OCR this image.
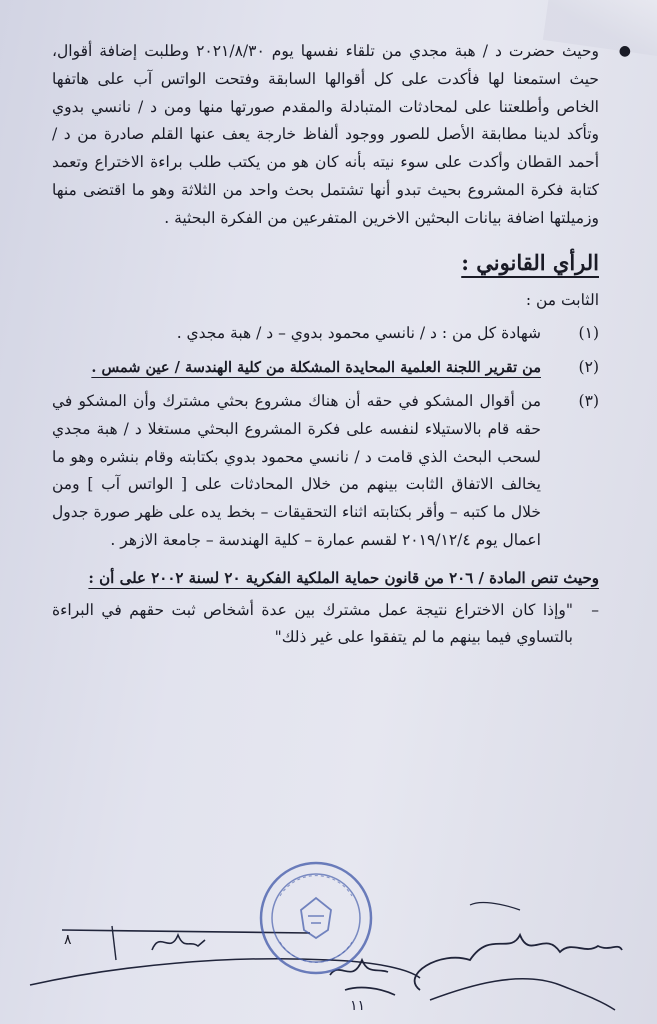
●
وحيث حضرت د / هبة مجدي من تلقاء نفسها يوم ٢٠٢١/٨/٣٠ وطلبت إضافة أقوال، حيث استمعنا لها فأكدت على كل أقوالها السابقة وفتحت الواتس آب على هاتفها الخاص وأطلعتنا على لمحادثات المتبادلة والمقدم صورتها منها ومن د / نانسي بدوي وتأكد لدينا مطابقة الأصل للصور ووجود ألفاظ خارجة يعف عنها القلم صادرة من د / أحمد القطان وأكدت على سوء نيته بأنه كان هو من يكتب طلب براءة الاختراع وتعمد كتابة فكرة المشروع بحيث تبدو أنها تشتمل بحث واحد من الثلاثة وهو ما اقتضى منها وزميلتها اضافة بيانات البحثين الاخرين المتفرعين من الفكرة البحثية .

الرأي القانوني :

الثابت من :

(١)
شهادة كل من : د / نانسي محمود بدوي – د / هبة مجدي .
(٢)
من تقرير اللجنة العلمية المحايدة المشكلة من كلية الهندسة / عين شمس .
(٣)
من أقوال المشكو في حقه أن هناك مشروع بحثي مشترك وأن المشكو في حقه قام بالاستيلاء لنفسه على فكرة المشروع البحثي مستغلا د / هبة مجدي لسحب البحث الذي قامت د / نانسي محمود بدوي بكتابته وقام بنشره وهو ما يخالف الاتفاق الثابت بينهم من خلال المحادثات على [ الواتس آب ] ومن خلال ما كتبه – وأقر بكتابته اثناء التحقيقات – بخط يده على ظهر صورة جدول اعمال يوم ٢٠١٩/١٢/٤ لقسم عمارة – كلية الهندسة – جامعة الازهر .
وحيث تنص المادة / ٢٠٦ من قانون حماية الملكية الفكرية ٢٠ لسنة ٢٠٠٢ على أن :
–
"وإذا كان الاختراع نتيجة عمل مشترك بين عدة أشخاص ثبت حقهم في البراءة بالتساوي فيما بينهم ما لم يتفقوا على غير ذلك"
٨
١١
